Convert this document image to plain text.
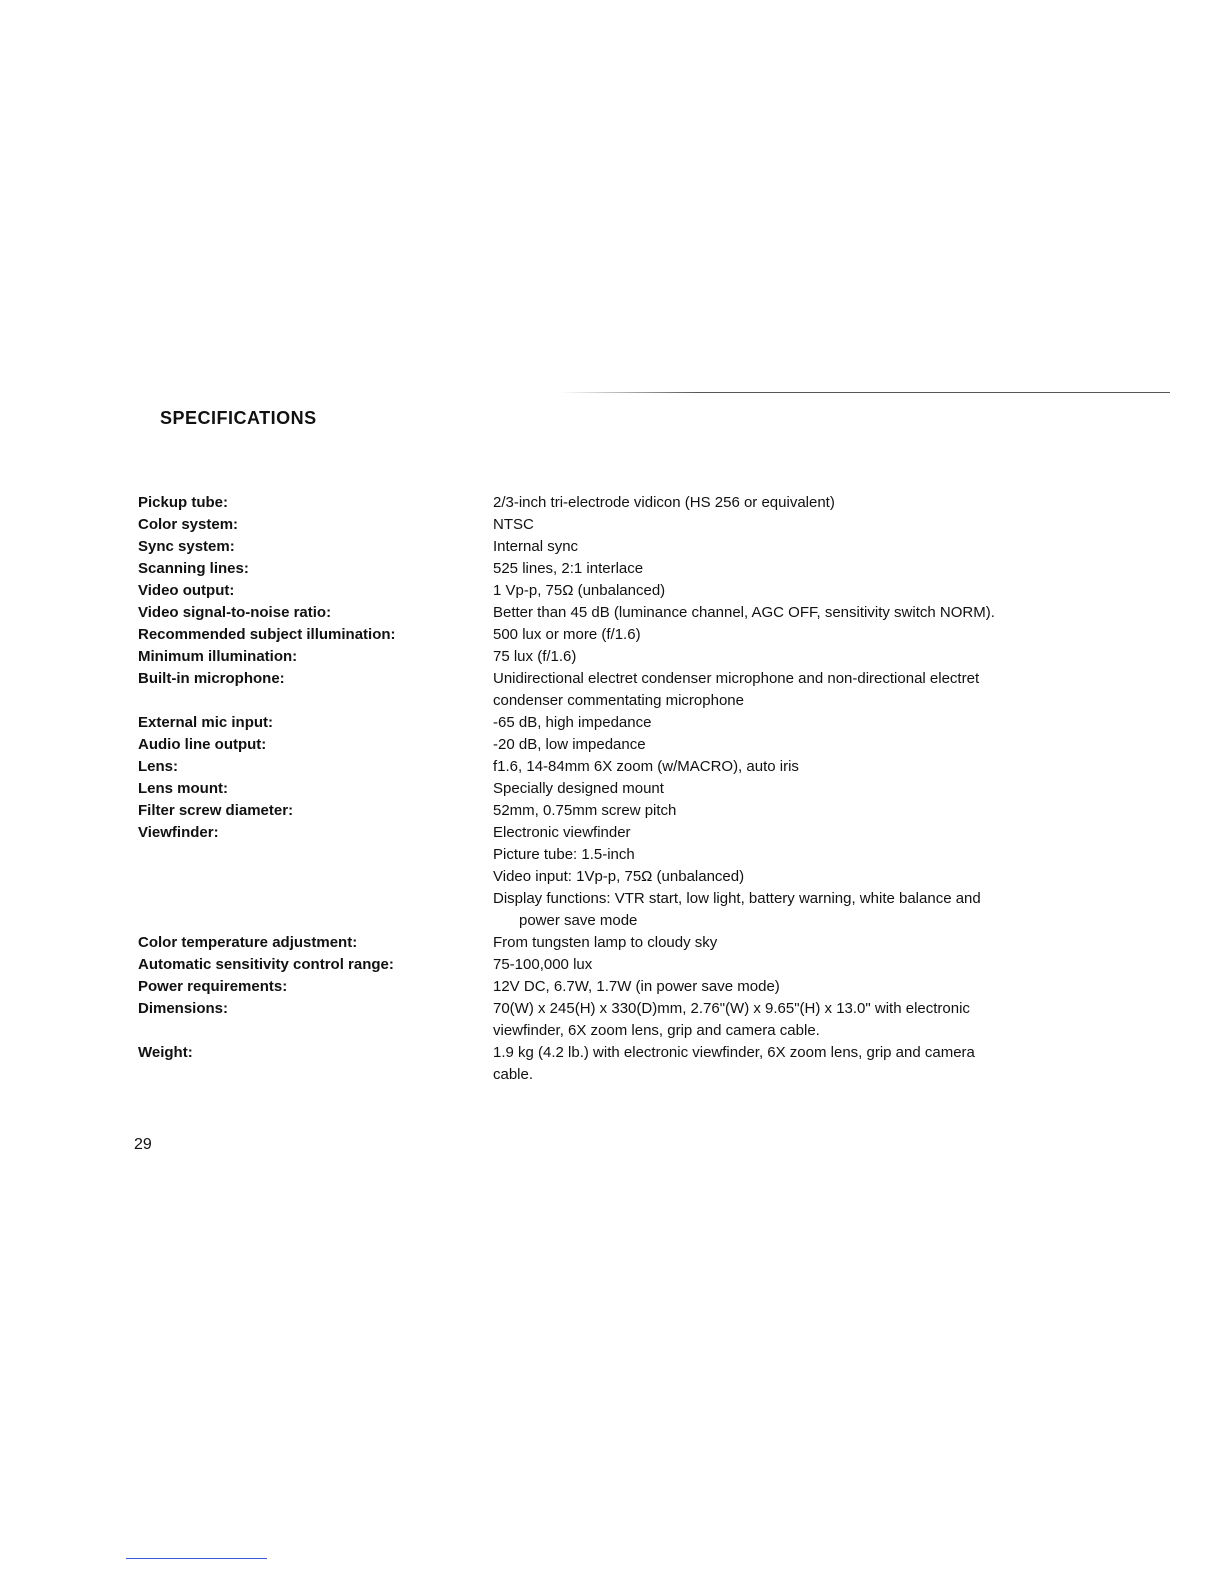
SPECIFICATIONS
Pickup tube:	2/3-inch tri-electrode vidicon (HS 256 or equivalent)

Color system:	NTSC

Sync system:	Internal sync

Scanning lines:	525 lines, 2:1 interlace

Video output:	1 Vp-p, 75Ω (unbalanced)

Video signal-to-noise ratio:	Better than 45 dB (luminance channel, AGC OFF, sensitivity switch NORM).

Recommended subject illumination:	500 lux or more (f/1.6)

Minimum illumination:	75 lux (f/1.6)

Built-in microphone:	Unidirectional electret condenser microphone and non-directional electret
condenser commentating microphone

External mic input:	-65 dB, high impedance

Audio line output:	-20 dB, low impedance

Lens:	f1.6, 14-84mm 6X zoom (w/MACRO), auto iris

Lens mount:	Specially designed mount

Filter screw diameter:	52mm, 0.75mm screw pitch

Viewfinder:	Electronic viewfinder
Picture tube: 1.5-inch
Video input: 1Vp-p, 75Ω (unbalanced)
Display functions: VTR start, low light, battery warning, white balance and
power save mode

Color temperature adjustment:	From tungsten lamp to cloudy sky

Automatic sensitivity control range:	75-100,000 lux

Power requirements:	12V DC, 6.7W, 1.7W (in power save mode)

Dimensions:	70(W) x 245(H) x 330(D)mm, 2.76"(W) x 9.65"(H) x 13.0" with electronic
viewfinder, 6X zoom lens, grip and camera cable.

Weight:	1.9 kg (4.2 lb.) with electronic viewfinder, 6X zoom lens, grip and camera
cable.

29
